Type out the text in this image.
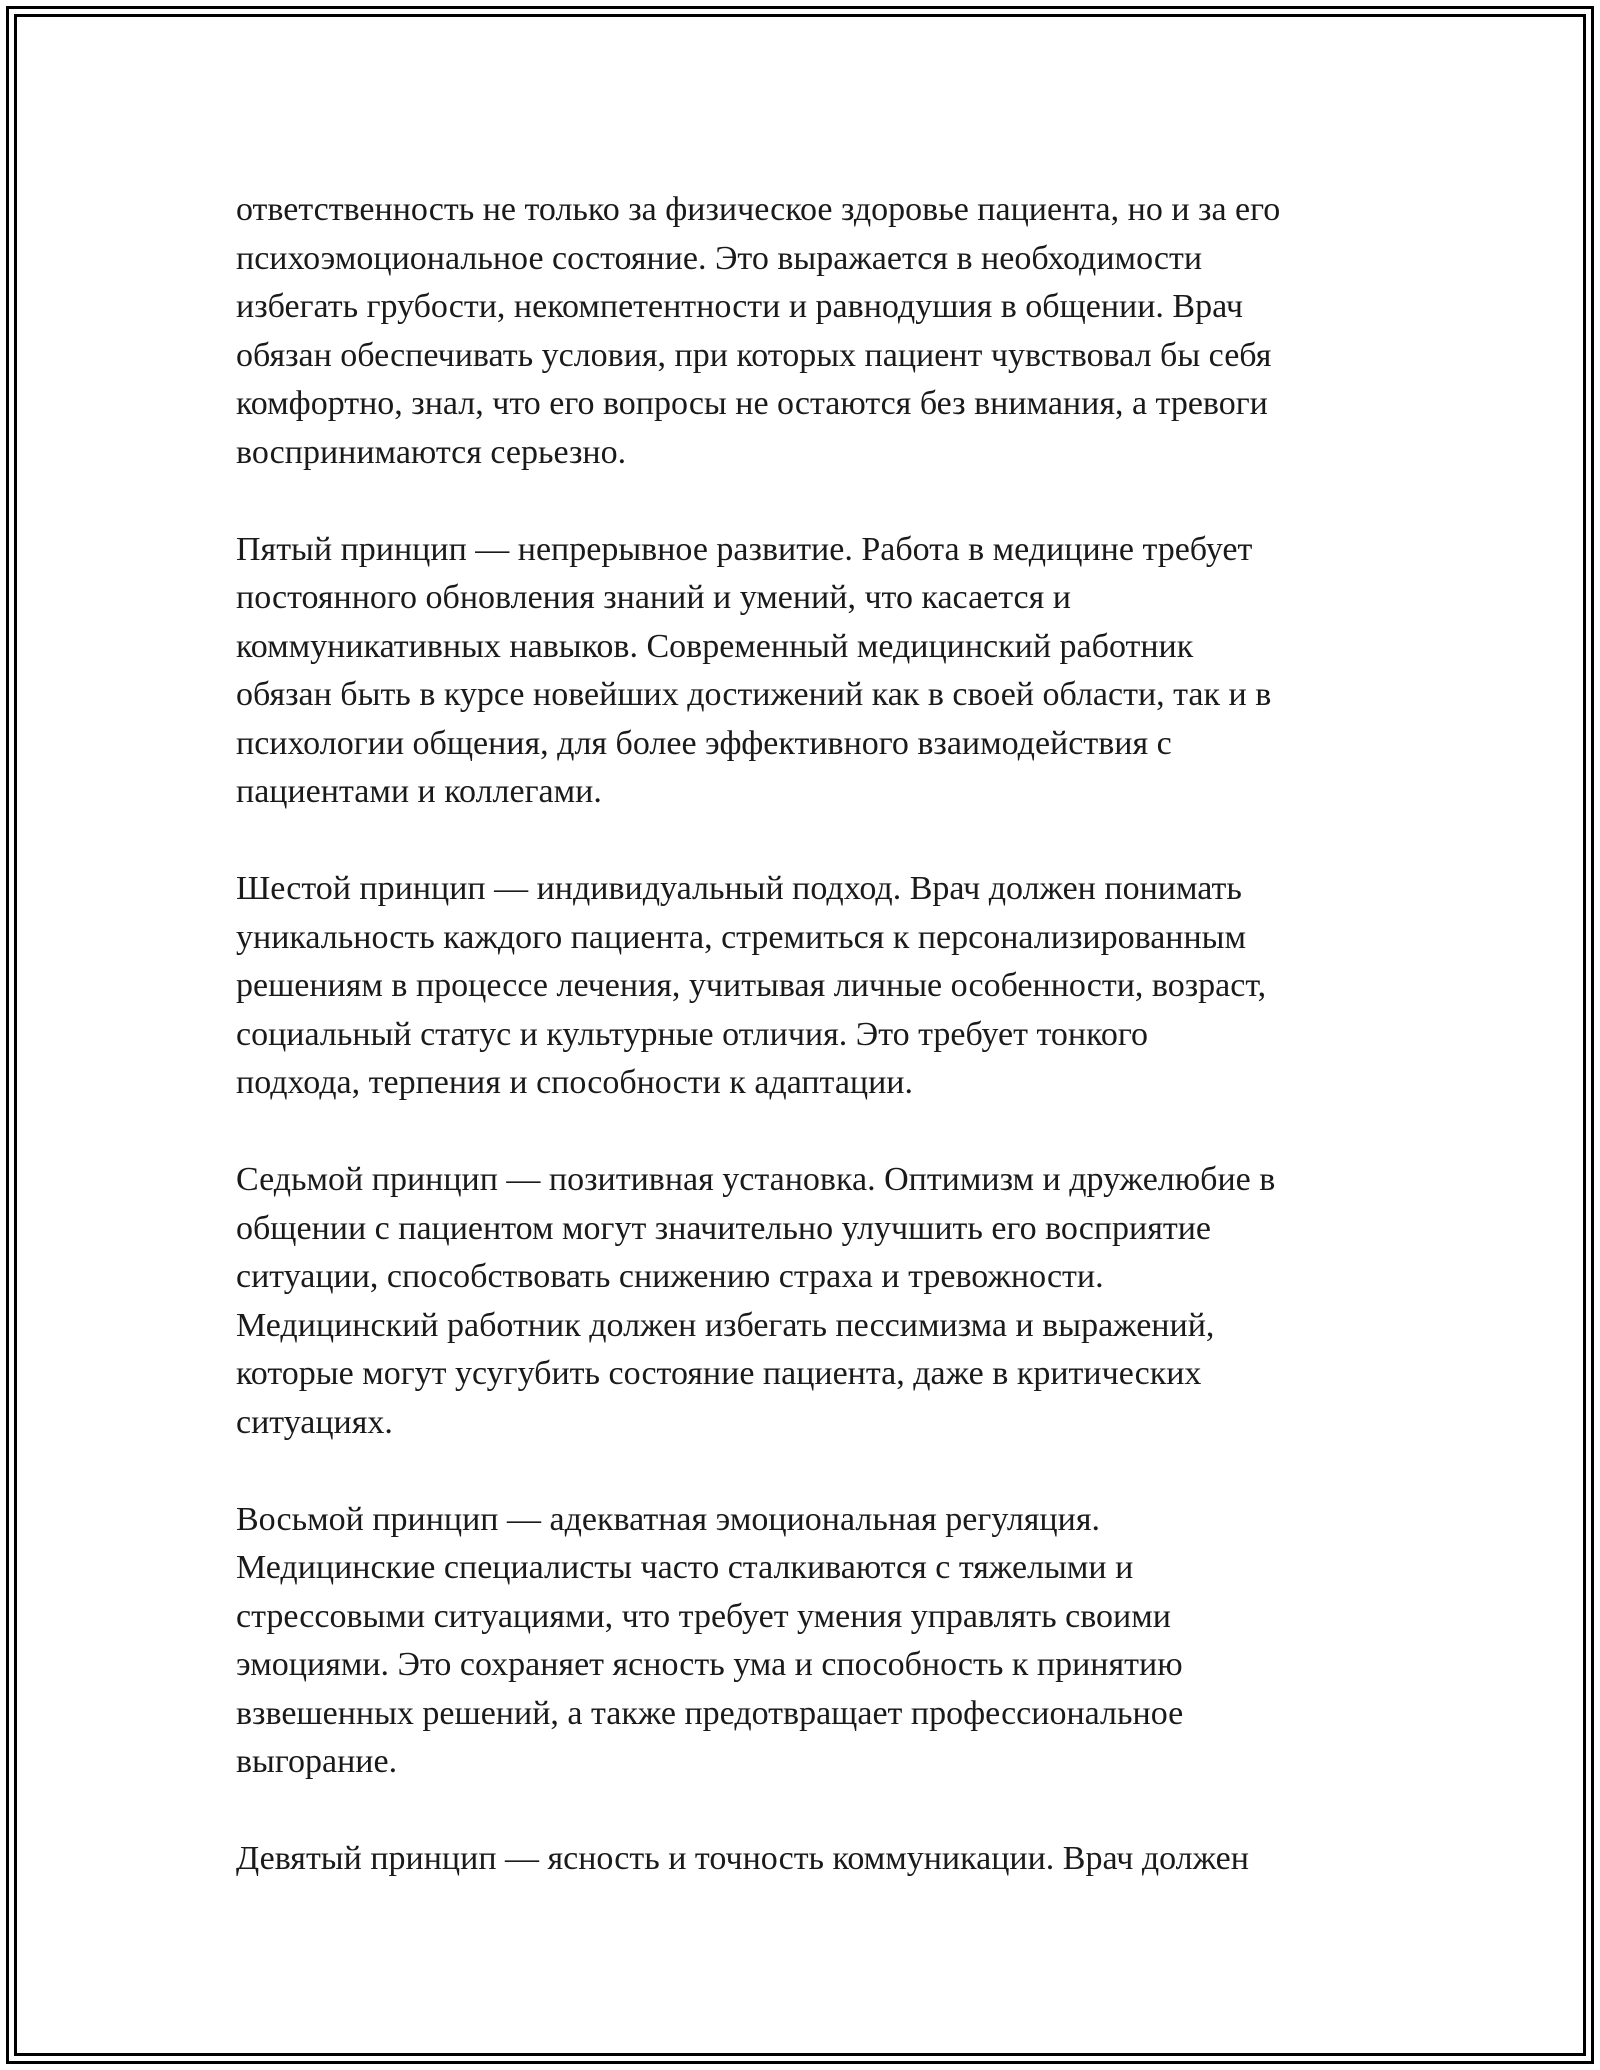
ответственность не только за физическое здоровье пациента, но и за его
психоэмоциональное состояние. Это выражается в необходимости
избегать грубости, некомпетентности и равнодушия в общении. Врач
обязан обеспечивать условия, при которых пациент чувствовал бы себя
комфортно, знал, что его вопросы не остаются без внимания, а тревоги
воспринимаются серьезно.

Пятый принцип — непрерывное развитие. Работа в медицине требует
постоянного обновления знаний и умений, что касается и
коммуникативных навыков. Современный медицинский работник
обязан быть в курсе новейших достижений как в своей области, так и в
психологии общения, для более эффективного взаимодействия с
пациентами и коллегами.

Шестой принцип — индивидуальный подход. Врач должен понимать
уникальность каждого пациента, стремиться к персонализированным
решениям в процессе лечения, учитывая личные особенности, возраст,
социальный статус и культурные отличия. Это требует тонкого
подхода, терпения и способности к адаптации.

Седьмой принцип — позитивная установка. Оптимизм и дружелюбие в
общении с пациентом могут значительно улучшить его восприятие
ситуации, способствовать снижению страха и тревожности.
Медицинский работник должен избегать пессимизма и выражений,
которые могут усугубить состояние пациента, даже в критических
ситуациях.

Восьмой принцип — адекватная эмоциональная регуляция.
Медицинские специалисты часто сталкиваются с тяжелыми и
стрессовыми ситуациями, что требует умения управлять своими
эмоциями. Это сохраняет ясность ума и способность к принятию
взвешенных решений, а также предотвращает профессиональное
выгорание.

Девятый принцип — ясность и точность коммуникации. Врач должен
